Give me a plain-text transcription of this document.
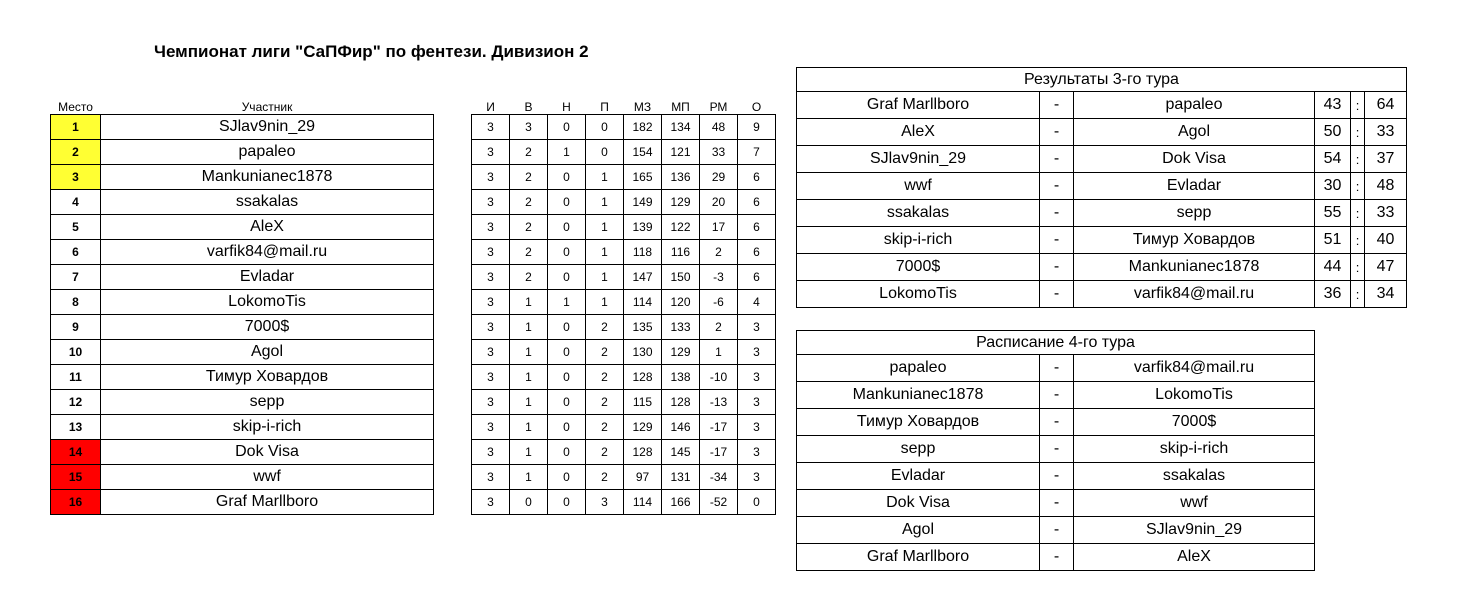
Чемпионат лиги "СаПФир" по фентези. Дивизион 2
Место	Участник		И	В	Н	П	МЗ	МП	РМ	О
1	SJlav9nin_29		3	3	0	0	182	134	48	9
2	papaleo		3	2	1	0	154	121	33	7
3	Mankunianec1878		3	2	0	1	165	136	29	6
4	ssakalas		3	2	0	1	149	129	20	6
5	AleX		3	2	0	1	139	122	17	6
6	varfik84@mail.ru		3	2	0	1	118	116	2	6
7	Evladar		3	2	0	1	147	150	-3	6
8	LokomoTis		3	1	1	1	114	120	-6	4
9	7000$		3	1	0	2	135	133	2	3
10	Agol		3	1	0	2	130	129	1	3
11	Тимур Ховардов		3	1	0	2	128	138	-10	3
12	sepp		3	1	0	2	115	128	-13	3
13	skip-i-rich		3	1	0	2	129	146	-17	3
14	Dok Visa		3	1	0	2	128	145	-17	3
15	wwf		3	1	0	2	97	131	-34	3
16	Graf Marllboro		3	0	0	3	114	166	-52	0
Результаты 3-го тура					
Graf Marllboro	-	papaleo	43	:	64
AleX	-	Agol	50	:	33
SJlav9nin_29	-	Dok Visa	54	:	37
wwf	-	Evladar	30	:	48
ssakalas	-	sepp	55	:	33
skip-i-rich	-	Тимур Ховардов	51	:	40
7000$	-	Mankunianec1878	44	:	47
LokomoTis	-	varfik84@mail.ru	36	:	34
Расписание 4-го тура		
papaleo	-	varfik84@mail.ru
Mankunianec1878	-	LokomoTis
Тимур Ховардов	-	7000$
sepp	-	skip-i-rich
Evladar	-	ssakalas
Dok Visa	-	wwf
Agol	-	SJlav9nin_29
Graf Marllboro	-	AleX
